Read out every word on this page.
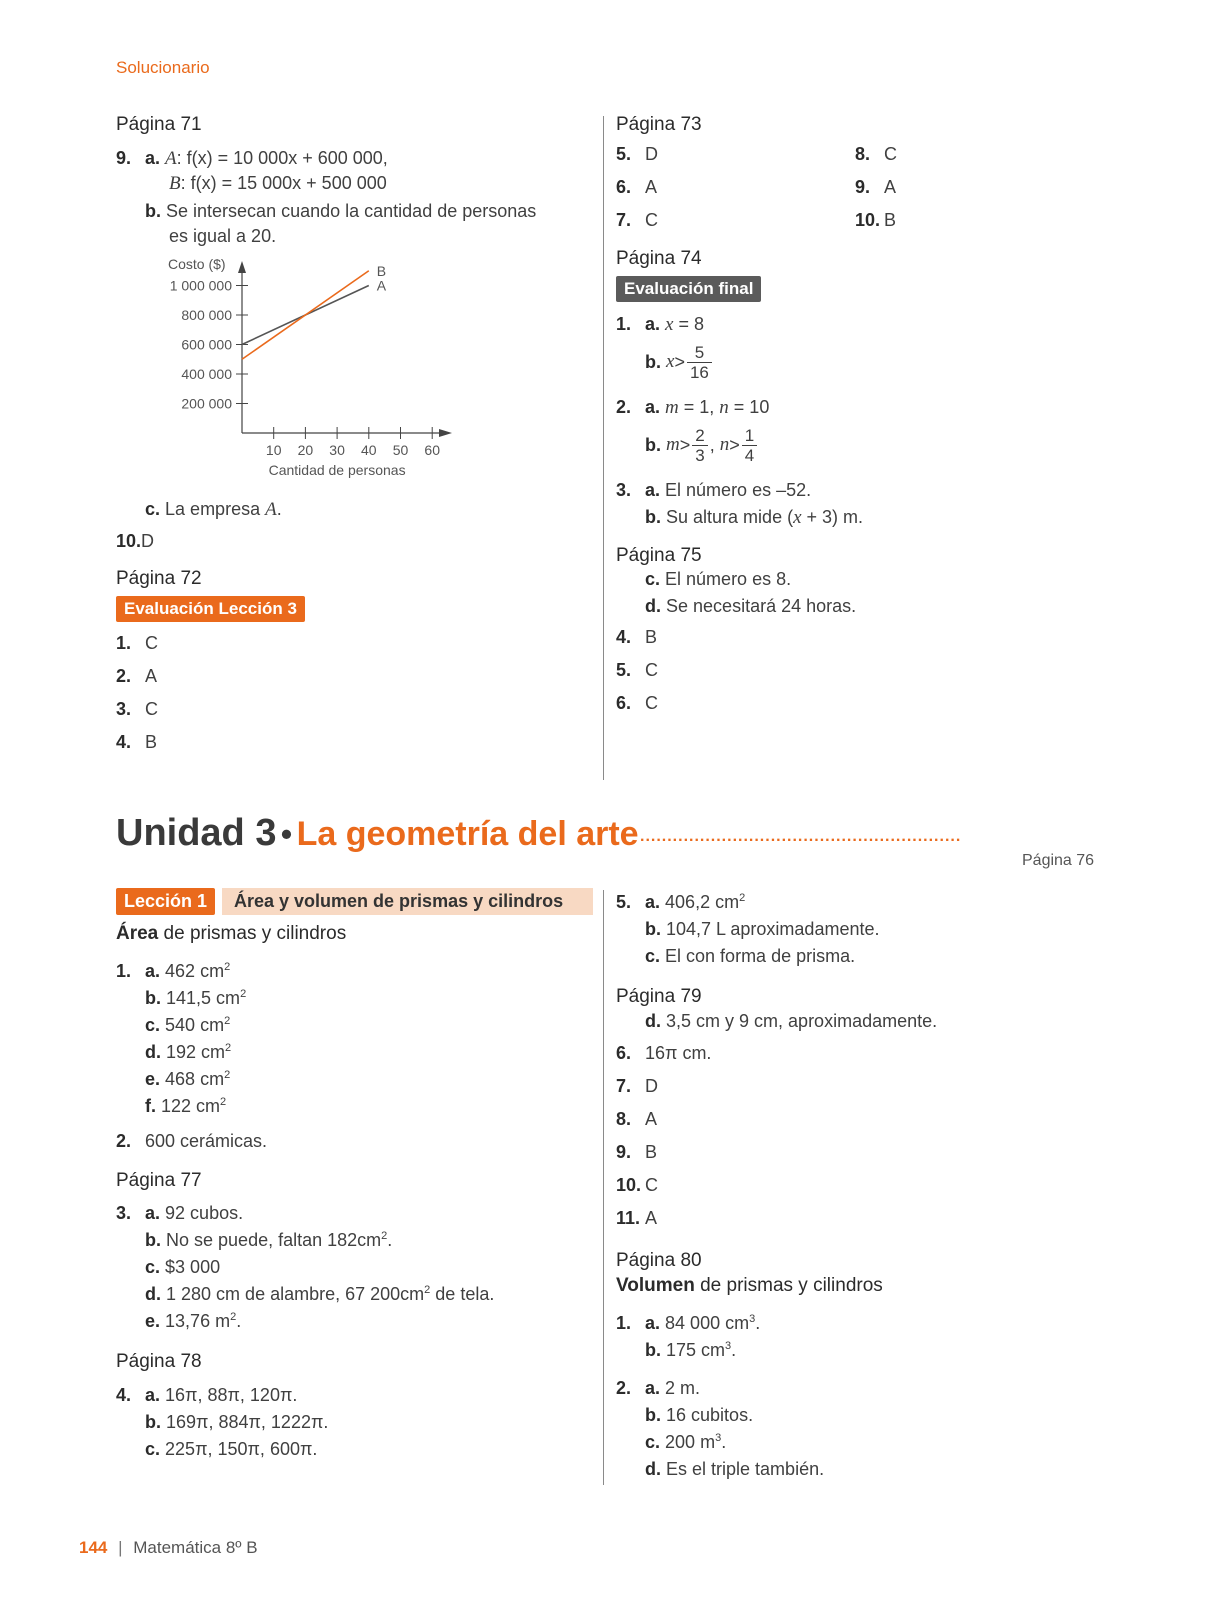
Solucionario
Página 71
9. a. A: f(x) = 10 000x + 600 000,
B: f(x) = 15 000x + 500 000
b. Se intersecan cuando la cantidad de personas
es igual a 20.
10 20 30 40 50 60
200 000
400 000
600 000
800 000
1 000 000
Costo ($)
Cantidad de personas
A
B
c. La empresa A.
10.D
Página 72
Evaluación Lección 3
1. C
2. A
3. C
4. B
Página 73
5. D
6. A
7. C
8. C
9. A
10. B
Página 74
Evaluación final
1. a. x = 8
b.
$x > \frac{5}{16}$
2. a. m = 1, n = 10
b.
$m > \frac{2}{3}$ ,
$n > \frac{1}{4}$
3. a. El número es –52.
b. Su altura mide (x + 3) m.
Página 75
c. El número es 8.
d. Se necesitará 24 horas.
4. B
5. C
6. C
Unidad 3 • La geometría del arte ...........................................................
Página 76
Lección 1	Área y volumen de prismas y cilindros
Área de prismas y cilindros
1. a. 462 $cm^2$
b. 141,5 $cm^2$
c. 540 $cm^2$
d. 192 $cm^2$
e. 468 $cm^2$
f. 122 $cm^2$
2. 600 cerámicas.
Página 77
3. a. 92 cubos.
b. No se puede, faltan $182cm^2$.
c. $3 000
d. 1 280 cm de alambre, 67 $200cm^2$ de tela.
e. 13,76 $m^2$.
Página 78
4. a. 16π, 88π, 120π.
b. 169π, 884π, 1222π.
c. 225π, 150π, 600π.
5. a. 406,2 $cm^2$
b. 104,7 L aproximadamente.
c. El con forma de prisma.
Página 79
d. 3,5 cm y 9 cm, aproximadamente.
6. 16π cm.
7. D
8. A
9. B
10. C
11. A
Página 80
Volumen de prismas y cilindros
1. a. 84 000 $cm^3$.
b. 175 $cm^3$.
2. a. 2 m.
b. 16 cubitos.
c. 200 $m^3$.
d. Es el triple también.
144 | Matemática 8º B
